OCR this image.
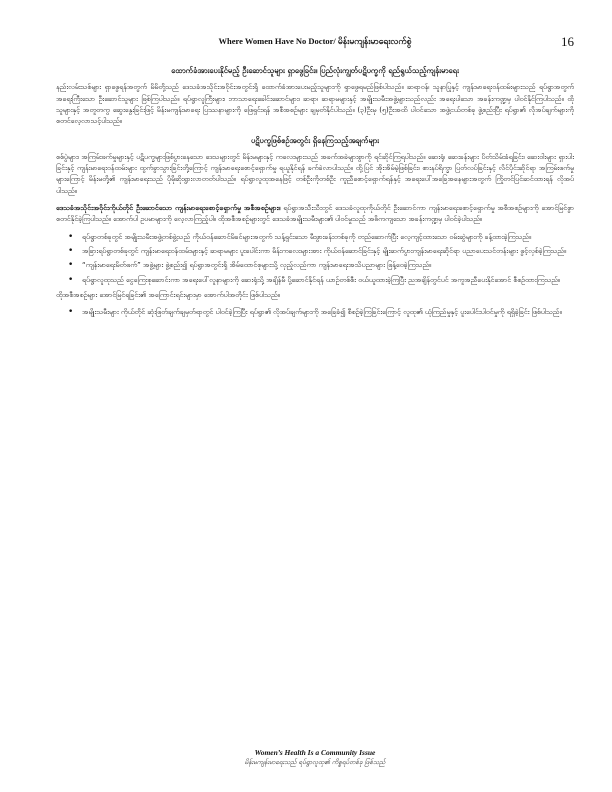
Where Women Have No Doctor/ မိန်းမကျန်းမာရေးလက်စွဲ	16
ထောက်ခံအားပေးနိုင်မည့် ဦးဆောင်သူများ ရှာဖွေခြင်း။ ပြည်လုံးကျွတ်ပဋိပက္ခကို ရည်ရွယ်သည့်ကျန်းမာရေး

နည်းလမ်းသစ်များ ရှာဖွေရန်အတွက် မိမိတို့သည် ဒေသခံအသိုင်းအဝိုင်းအတွင်းရှိ ထောက်ခံအားပေးမည့်သူများကို ရှာဖွေရမည်ဖြစ်ပါသည်။ ဆရာဝန်၊ သူနာပြုနှင့် ကျန်းမာရေးဝန်ထမ်းများသည် ရပ်ရွာအတွက် အရေးကြီးသော ဦးဆောင်သူများ ဖြစ်ကြပါသည်။ ရပ်ရွာလူကြီးများ၊ ဘာသာရေးခေါင်းဆောင်များ၊ ဆရာ၊ ဆရာမများနှင့် အမျိုးသမီးအဖွဲ့များသည်လည်း အရေးပါသော အခန်းကဏ္ဍမှ ပါဝင်နိုင်ကြပါသည်။ ထိုသူများနှင့် အတူတကွ ဆွေးနွေးခြင်းဖြင့် မိန်းမကျန်းမာရေး ပြဿနာများကို ဖြေရှင်းရန် အစီအစဉ်များ ချမှတ်နိုင်ပါသည်။ (၃)ဦးမှ (၅)ဦးအထိ ပါဝင်သော အဖွဲ့ငယ်တစ်ခု ဖွဲ့စည်းပြီး ရပ်ရွာ၏ လိုအပ်ချက်များကို စတင်လေ့လာသင့်ပါသည်။

ပဋိပက္ခဖြစ်စဉ်အတွင်း ရှိနေကြသည့်အချက်များ

စစ်ပွဲများ၊ အကြမ်းဖက်မှုများနှင့် ပဋိပက္ခများဖြစ်ပွားနေသော ဒေသများတွင် မိန်းမများနှင့် ကလေးများသည် အခက်အခဲများစွာကို ရင်ဆိုင်ကြရပါသည်။ ဆေးရုံ၊ ဆေးခန်းများ ပိတ်သိမ်းခံရခြင်း၊ ဆေးဝါးများ ရှားပါးခြင်းနှင့် ကျန်းမာရေးဝန်ထမ်းများ ထွက်ခွာသွားခြင်းတို့ကြောင့် ကျန်းမာရေးစောင့်ရှောက်မှု ရယူနိုင်ရန် ခက်ခဲလာပါသည်။ ထို့ပြင် အိုးအိမ်မဲ့ဖြစ်ခြင်း၊ စားနပ်ရိက္ခာ ပြတ်လပ်ခြင်းနှင့် လိင်ပိုင်းဆိုင်ရာ အကြမ်းဖက်မှုများကြောင့် မိန်းမတို့၏ ကျန်းမာရေးသည် ပိုမိုဆိုးရွားလာတတ်ပါသည်။ ရပ်ရွာလူထုအနေဖြင့် တစ်ဦးကိုတစ်ဦး ကူညီစောင့်ရှောက်ရန်နှင့် အရေးပေါ်အခြေအနေများအတွက် ကြိုတင်ပြင်ဆင်ထားရန် လိုအပ်ပါသည်။

ဒေသခံအသိုင်းအဝိုင်းကိုယ်တိုင် ဦးဆောင်သော ကျန်းမာရေးစောင့်ရှောက်မှု အစီအစဉ်များ။ ရပ်ရွာအသီးသီးတွင် ဒေသခံလူထုကိုယ်တိုင် ဦးဆောင်ကာ ကျန်းမာရေးစောင့်ရှောက်မှု အစီအစဉ်များကို အောင်မြင်စွာ စတင်နိုင်ခဲ့ကြပါသည်။ အောက်ပါ ဥပမာများကို လေ့လာကြည့်ပါ။ ထိုအစီအစဉ်များတွင် ဒေသခံအမျိုးသမီးများ၏ ပါဝင်မှုသည် အဓိကကျသော အခန်းကဏ္ဍမှ ပါဝင်ခဲ့ပါသည်။

• ရပ်ရွာတစ်ခုတွင် အမျိုးသမီးအဖွဲ့တစ်ဖွဲ့သည် ကိုယ်ဝန်ဆောင်မိခင်များအတွက် သန့်ရှင်းသော မီးဖွားခန်းတစ်ခုကို တည်ဆောက်ပြီး လေ့ကျင့်ထားသော ဝမ်းဆွဲများကို ခန့်ထားခဲ့ကြသည်။
• အခြားရပ်ရွာတစ်ခုတွင် ကျန်းမာရေးဝန်ထမ်းများနှင့် ဆရာမများ ပူးပေါင်းကာ မိန်းကလေးများအား ကိုယ်ဝန်ဆောင်ခြင်းနှင့် မျိုးဆက်ပွားကျန်းမာရေးဆိုင်ရာ ပညာပေးသင်တန်းများ ဖွင့်လှစ်ခဲ့ကြသည်။
• “ကျန်းမာရေးမိတ်ဖက်” အဖွဲ့များ ဖွဲ့စည်း၍ ရပ်ရွာအတွင်းရှိ အိမ်ထောင်စုများသို့ လှည့်လည်ကာ ကျန်းမာရေးအသိပညာများ ဖြန့်ဝေခဲ့ကြသည်။
• ရပ်ရွာလူထုသည် ငွေကြေးစုဆောင်းကာ အရေးပေါ်လူနာများကို ဆေးရုံသို့ အချိန်မီ ပို့ဆောင်နိုင်ရန် ယာဉ်တစ်စီး ဝယ်ယူထားခဲ့ကြပြီး ညအချိန်တွင်ပင် အကူအညီပေးနိုင်အောင် စီစဉ်ထားကြသည်။

ထိုအစီအစဉ်များ အောင်မြင်ရခြင်း၏ အကြောင်းရင်းများမှာ အောက်ပါအတိုင်း ဖြစ်ပါသည်။

• အမျိုးသမီးများ ကိုယ်တိုင် ဆုံးဖြတ်ချက်ချမှတ်ရာတွင် ပါဝင်ခဲ့ကြပြီး ရပ်ရွာ၏ လိုအပ်ချက်များကို အခြေခံ၍ စီစဉ်ခဲ့ကြခြင်းကြောင့် လူထု၏ ယုံကြည်မှုနှင့် ပူးပေါင်းပါဝင်မှုကို ရရှိခဲ့ခြင်း ဖြစ်ပါသည်။
Women’s Health Is a Community Issue
မိန်းမကျန်းမာရေးသည် ရပ်ရွာလူထု၏ ကိစ္စရပ်တစ်ခု ဖြစ်သည်
